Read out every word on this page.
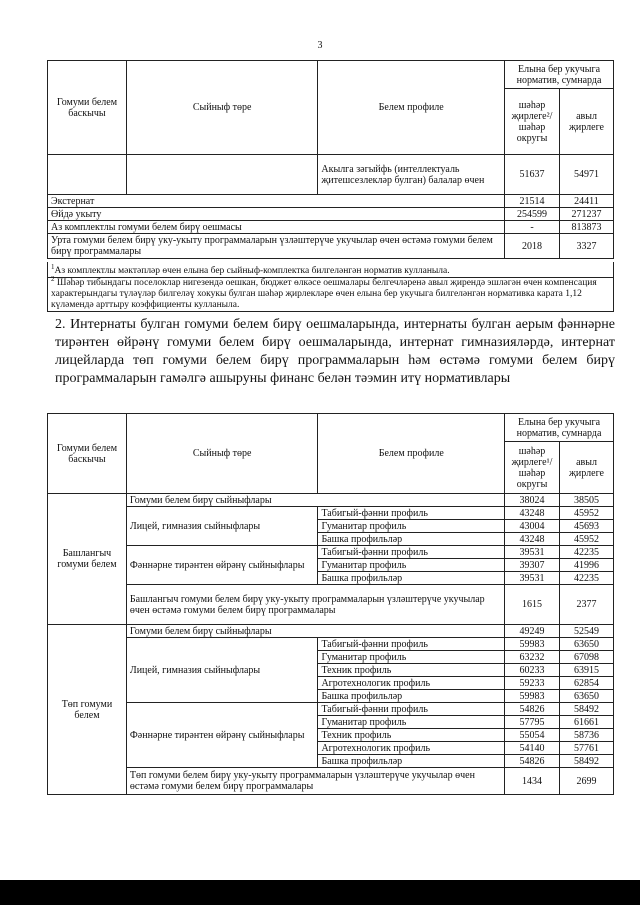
3
Гомуми белем баскычы	Сыйныф төре	Белем профиле	Елына бер укучыга норматив, сумнарда	
			шәһәр җирлеге²/ шәһәр округы	авыл җирлеге
		Акылга зәгыйфь (интеллектуаль җитешсезлекләр булган) балалар өчен	51637	54971
Экстернат			21514	24411
Өйдә укыту			254599	271237
Аз комплектлы гомуми белем бирү оешмасы			-	813873
Урта гомуми белем бирү уку-укыту программаларын үзләштерүче укучылар өчен өстәмә гомуми белем бирү программалары			2018	3327
$^1$Аз комплектлы мәктәпләр өчен елына бер сыйныф-комплектка билгеләнгән норматив кулланыла.
$^2$ Шәһәр тибындагы поселоклар нигезендә оешкан, бюджет өлкәсе оешмалары белгечләренә авыл җирендә эшләгән өчен компенсация характерындагы түләүләр билгеләү хокукы булган шәһәр җирлекләре өчен елына бер укучыга билгеләнгән нормативка карата 1,12 күләмендә арттыру коэффициенты кулланыла.
2. Интернаты булган гомуми белем бирү оешмаларында, интернаты булган аерым фәннәрне тирәнтен өйрәнү гомуми белем бирү оешмаларында, интернат гимназияләрдә, интернат лицейларда төп гомуми белем бирү программаларын һәм өстәмә гомуми белем бирү программаларын гамәлгә ашыруны финанс белән тәэмин итү нормативлары
Гомуми белем баскычы	Сыйныф төре	Белем профиле	Елына бер укучыга норматив, сумнарда	
			шәһәр җирлеге¹/ шәһәр округы	авыл җирлеге
Башлангыч гомуми белем	Гомуми белем бирү сыйныфлары		38024	38505
	Лицей, гимназия сыйныфлары	Табигый-фәнни профиль	43248	45952
		Гуманитар профиль	43004	45693
		Башка профильләр	43248	45952
	Фәннәрне тирәнтен өйрәнү сыйныфлары	Табигый-фәнни профиль	39531	42235
		Гуманитар профиль	39307	41996
		Башка профильләр	39531	42235
	Башлангыч гомуми белем бирү уку-укыту программаларын үзләштерүче укучылар өчен өстәмә гомуми белем бирү программалары		1615	2377
Төп гомуми белем	Гомуми белем бирү сыйныфлары		49249	52549
	Лицей, гимназия сыйныфлары	Табигый-фәнни профиль	59983	63650
		Гуманитар профиль	63232	67098
		Техник профиль	60233	63915
		Агротехнологик профиль	59233	62854
		Башка профильләр	59983	63650
	Фәннәрне тирәнтен өйрәнү сыйныфлары	Табигый-фәнни профиль	54826	58492
		Гуманитар профиль	57795	61661
		Техник профиль	55054	58736
		Агротехнологик профиль	54140	57761
		Башка профильләр	54826	58492
	Төп гомуми белем бирү уку-укыту программаларын үзләштерүче укучылар өчен өстәмә гомуми белем бирү программалары		1434	2699
